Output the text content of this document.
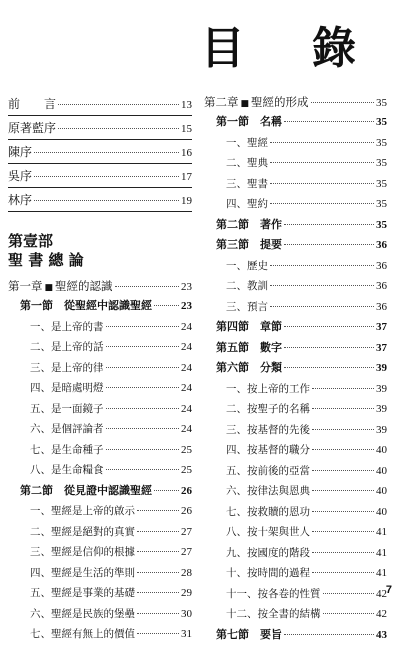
目 錄
前　　言	13
原著藍序	15
陳序	16
吳序	17
林序	19
第壹部
聖 書 總 論
第一章 ■ 聖經的認識	23
第一節　從聖經中認識聖經	23
一、是上帝的書	24
二、是上帝的話	24
三、是上帝的律	24
四、是暗處明燈	24
五、是一面鏡子	24
六、是個評論者	24
七、是生命種子	25
八、是生命糧食	25
第二節　從見證中認識聖經	26
一、聖經是上帝的啟示	26
二、聖經是絕對的真實	27
三、聖經是信仰的根據	27
四、聖經是生活的準則	28
五、聖經是事業的基礎	29
六、聖經是民族的堡壘	30
七、聖經有無上的價值	31
第二章 ■ 聖經的形成	35
第一節　名稱	35
一、聖經	35
二、聖典	35
三、聖書	35
四、聖約	35
第二節　著作	35
第三節　提要	36
一、歷史	36
二、教訓	36
三、預言	36
第四節　章節	37
第五節　數字	37
第六節　分類	39
一、按上帝的工作	39
二、按聖子的名稱	39
三、按基督的先後	39
四、按基督的職分	40
五、按前後的亞當	40
六、按律法與恩典	40
七、按救贖的恩功	40
八、按十架與世人	41
九、按國度的階段	41
十、按時間的過程	41
十一、按各卷的性質	42
十二、按全書的結構	42
第七節　要旨	43
7
